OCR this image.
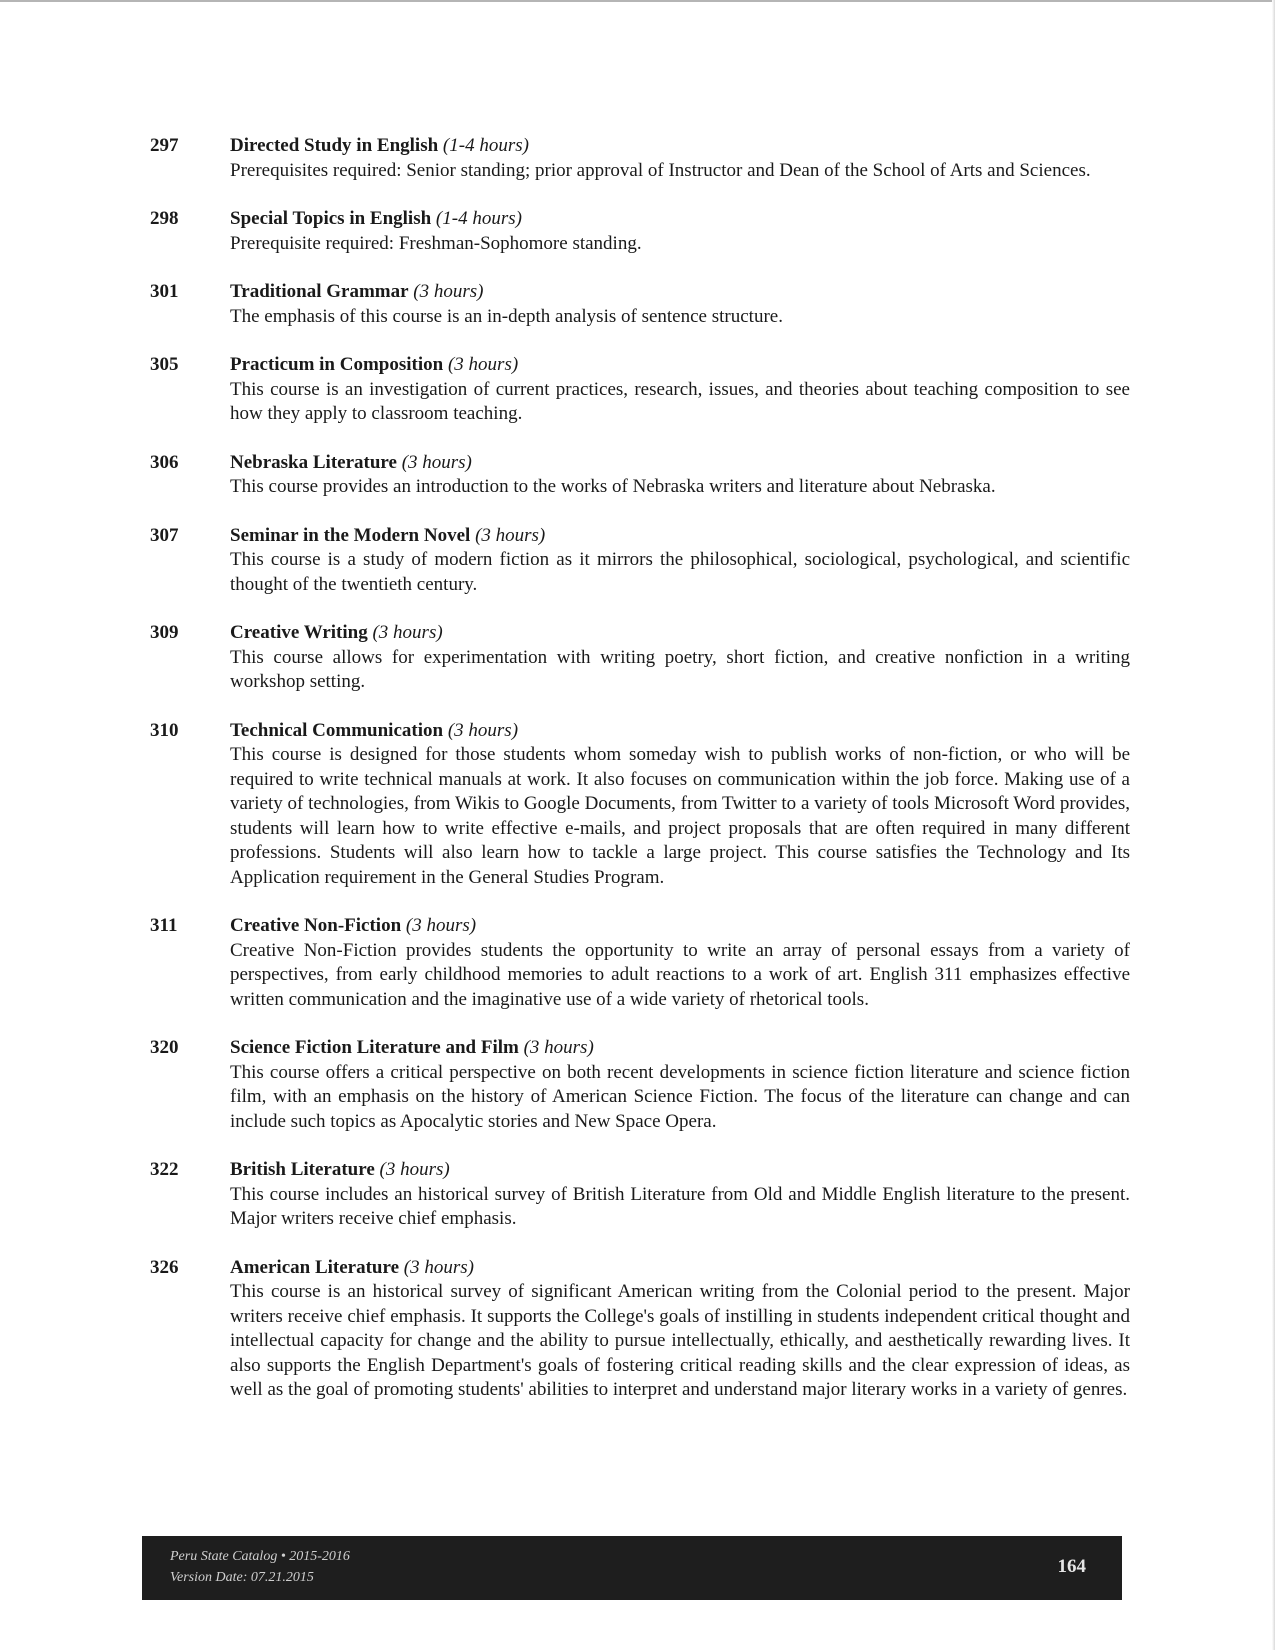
297	Directed Study in English (1-4 hours)
Prerequisites required: Senior standing; prior approval of Instructor and Dean of the School of Arts and Sciences.
298	Special Topics in English (1-4 hours)
Prerequisite required: Freshman-Sophomore standing.
301	Traditional Grammar (3 hours)
The emphasis of this course is an in-depth analysis of sentence structure.
305	Practicum in Composition (3 hours)
This course is an investigation of current practices, research, issues, and theories about teaching composition to see how they apply to classroom teaching.
306	Nebraska Literature (3 hours)
This course provides an introduction to the works of Nebraska writers and literature about Nebraska.
307	Seminar in the Modern Novel (3 hours)
This course is a study of modern fiction as it mirrors the philosophical, sociological, psychological, and scientific thought of the twentieth century.
309	Creative Writing (3 hours)
This course allows for experimentation with writing poetry, short fiction, and creative nonfiction in a writing workshop setting.
310	Technical Communication (3 hours)
This course is designed for those students whom someday wish to publish works of non-fiction, or who will be required to write technical manuals at work. It also focuses on communication within the job force. Making use of a variety of technologies, from Wikis to Google Documents, from Twitter to a variety of tools Microsoft Word provides, students will learn how to write effective e-mails, and project proposals that are often required in many different professions. Students will also learn how to tackle a large project. This course satisfies the Technology and Its Application requirement in the General Studies Program.
311	Creative Non-Fiction (3 hours)
Creative Non-Fiction provides students the opportunity to write an array of personal essays from a variety of perspectives, from early childhood memories to adult reactions to a work of art. English 311 emphasizes effective written communication and the imaginative use of a wide variety of rhetorical tools.
320	Science Fiction Literature and Film (3 hours)
This course offers a critical perspective on both recent developments in science fiction literature and science fiction film, with an emphasis on the history of American Science Fiction. The focus of the literature can change and can include such topics as Apocalytic stories and New Space Opera.
322	British Literature (3 hours)
This course includes an historical survey of British Literature from Old and Middle English literature to the present. Major writers receive chief emphasis.
326	American Literature (3 hours)
This course is an historical survey of significant American writing from the Colonial period to the present. Major writers receive chief emphasis. It supports the College's goals of instilling in students independent critical thought and intellectual capacity for change and the ability to pursue intellectually, ethically, and aesthetically rewarding lives. It also supports the English Department's goals of fostering critical reading skills and the clear expression of ideas, as well as the goal of promoting students' abilities to interpret and understand major literary works in a variety of genres.
Peru State Catalog • 2015-2016
Version Date: 07.21.2015
164
